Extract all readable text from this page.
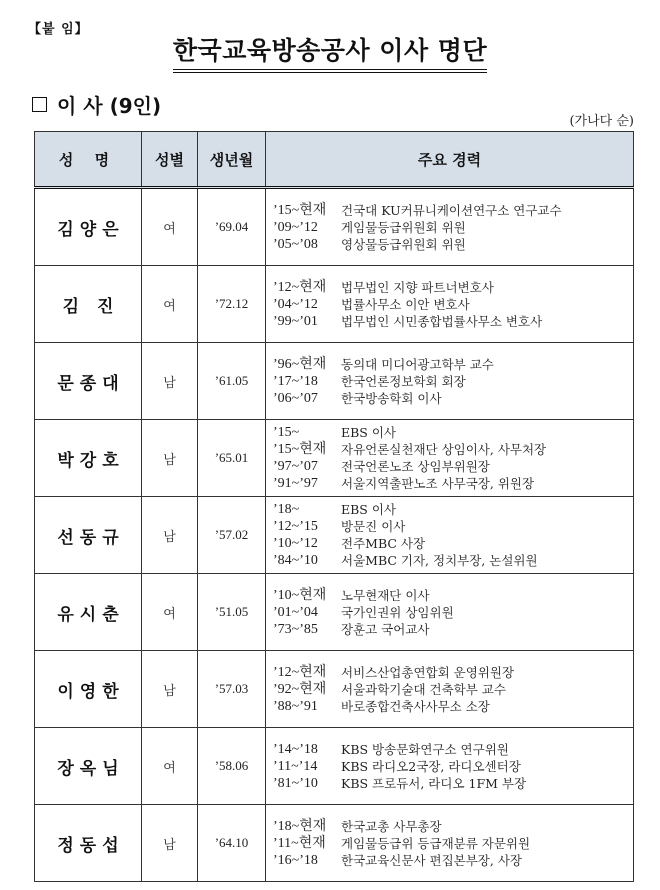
【붙 임】
한국교육방송공사 이사 명단
이 사 (9인)
(가나다 순)
성 명	성별	생년월	주요 경력
김양은	여	’69.04	
’15~현재	건국대 KU커뮤니케이션연구소 연구교수
’09~’12	게임물등급위원회 위원
’05~’08	영상물등급위원회 위원

김 진	여	’72.12	
’12~현재	법무법인 지향 파트너변호사
’04~’12	법률사무소 이안 변호사
’99~’01	법무법인 시민종합법률사무소 변호사

문종대	남	’61.05	
’96~현재	동의대 미디어광고학부 교수
’17~’18	한국언론정보학회 회장
’06~’07	한국방송학회 이사

박강호	남	’65.01	
’15~	EBS 이사
’15~현재	자유언론실천재단 상임이사, 사무처장
’97~’07	전국언론노조 상임부위원장
’91~’97	서울지역출판노조 사무국장, 위원장

선동규	남	’57.02	
’18~	EBS 이사
’12~’15	방문진 이사
’10~’12	전주MBC 사장
’84~’10	서울MBC 기자, 정치부장, 논설위원

유시춘	여	’51.05	
’10~현재	노무현재단 이사
’01~’04	국가인권위 상임위원
’73~’85	장훈고 국어교사

이영한	남	’57.03	
’12~현재	서비스산업총연합회 운영위원장
’92~현재	서울과학기술대 건축학부 교수
’88~’91	바로종합건축사사무소 소장

장옥님	여	’58.06	
’14~’18	KBS 방송문화연구소 연구위원
’11~’14	KBS 라디오2국장, 라디오센터장
’81~’10	KBS 프로듀서, 라디오 1FM 부장

정동섭	남	’64.10	
’18~현재	한국교총 사무총장
’11~현재	게임물등급위 등급재분류 자문위원
’16~’18	한국교육신문사 편집본부장, 사장
